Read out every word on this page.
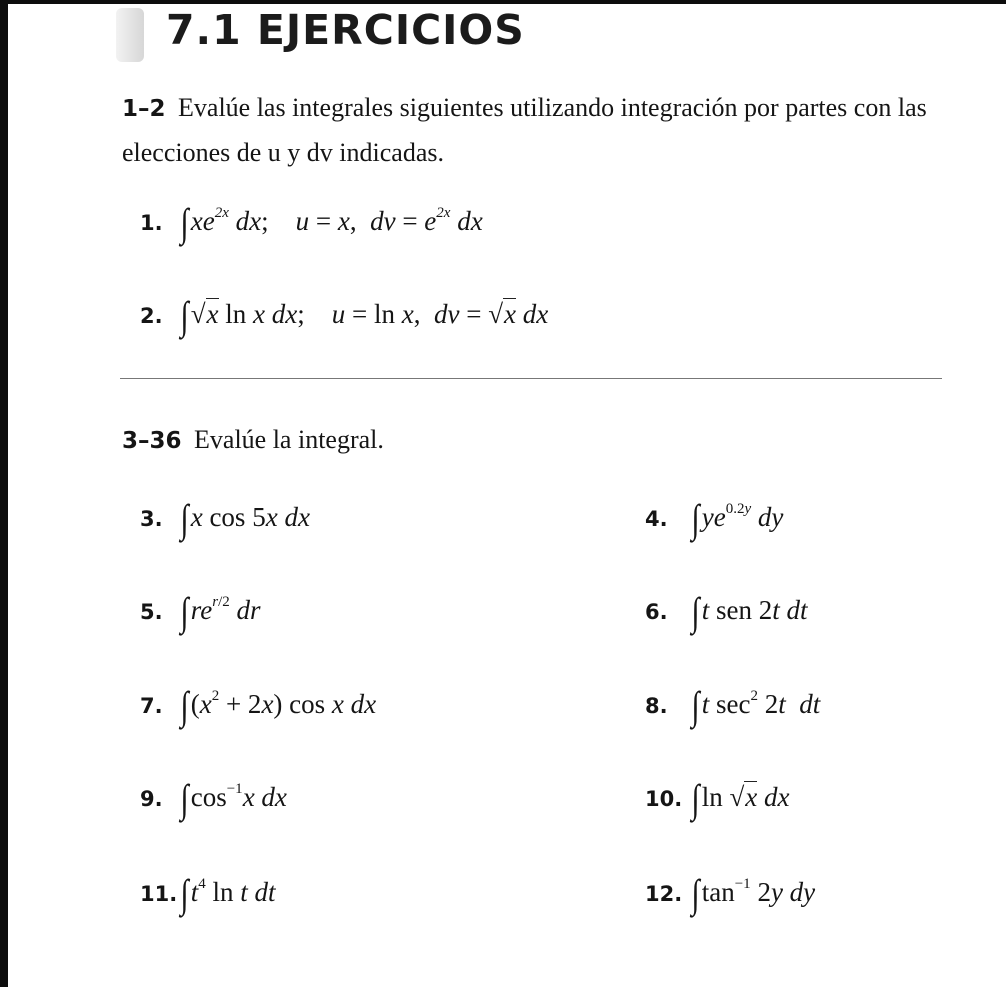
7.1 EJERCICIOS
1–2 Evalúe las integrales siguientes utilizando integración por partes con las elecciones de u y dv indicadas.
1. $\int xe^{2x}$ dx;    u = x,  dv = $e^{2x}$ dx
2. ∫√x ln x dx;    u = ln x,  dv = √x dx
3–36 Evalúe la integral.
3. ∫x cos 5x dx	4. $\int ye^{0.2y}$ dy
5. $\int re^{r/2}$ dr	6. ∫t sen 2t dt
7. $\int(x^2 + 2x)$ cos x dx	8. ∫t $\sec^2 2t$ dt
9. $\int\cos^{-1}x$ dx	10. ∫ln √x dx
11. $\int t^4$ ln t dt	12. $\int\tan^{-1}$ 2y dy
